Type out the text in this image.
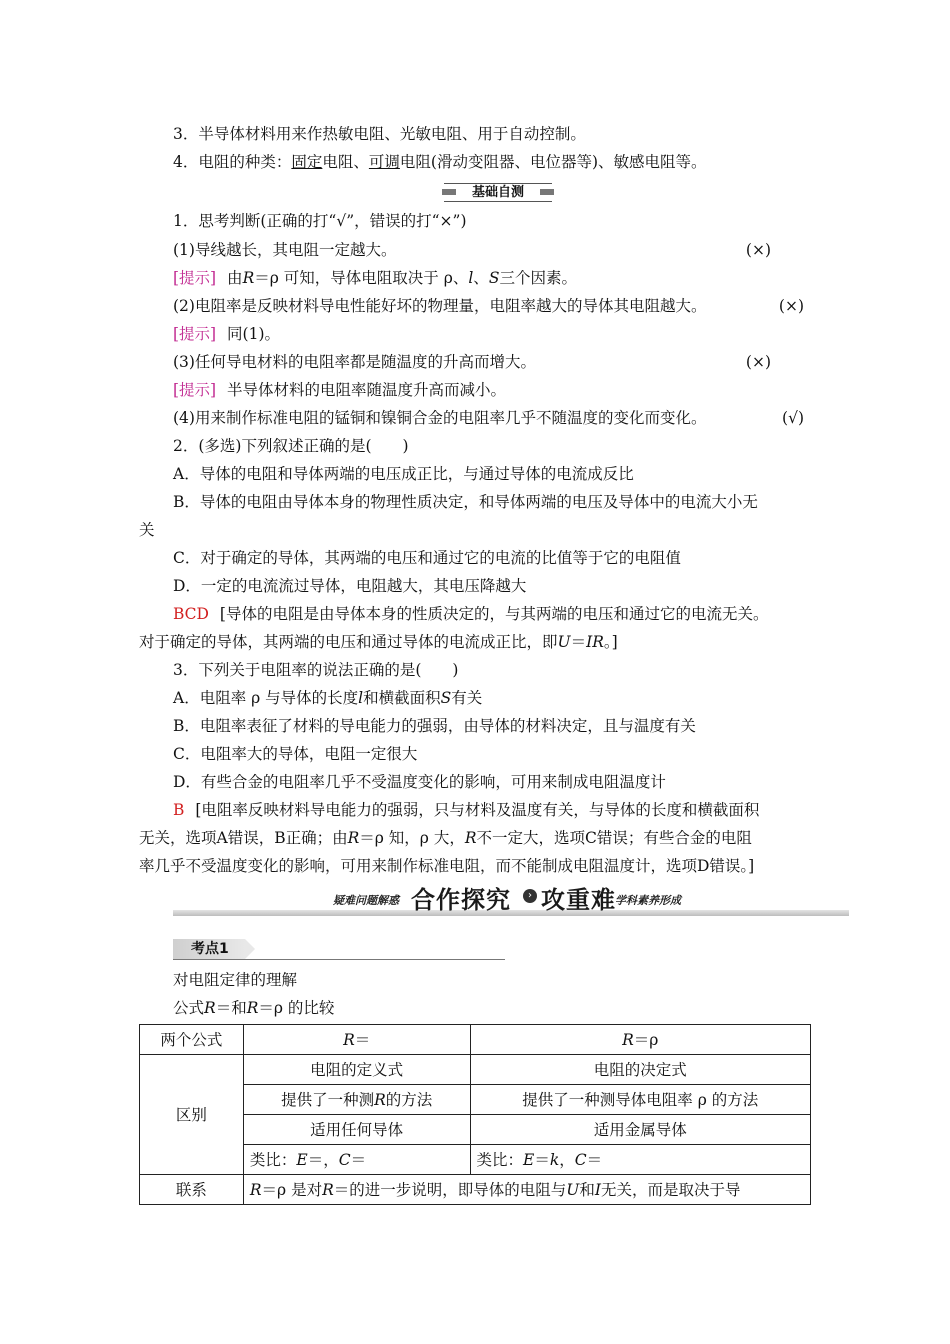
3．半导体材料用来作热敏电阻、光敏电阻、用于自动控制。
4．电阻的种类：固定电阻、可调电阻(滑动变阻器、电位器等)、敏感电阻等。
基础自测
1．思考判断(正确的打“√”，错误的打“×”)
(1)导线越长，其电阻一定越大。	(×)
[提示] 由R＝ρ 可知，导体电阻取决于 ρ、l、S三个因素。
(2)电阻率是反映材料导电性能好坏的物理量，电阻率越大的导体其电阻越大。	(×)
[提示] 同(1)。
(3)任何导电材料的电阻率都是随温度的升高而增大。	(×)
[提示] 半导体材料的电阻率随温度升高而减小。
(4)用来制作标准电阻的锰铜和镍铜合金的电阻率几乎不随温度的变化而变化。	(√)
2．(多选)下列叙述正确的是(　　)
A．导体的电阻和导体两端的电压成正比，与通过导体的电流成反比
B．导体的电阻由导体本身的物理性质决定，和导体两端的电压及导体中的电流大小无
关
C．对于确定的导体，其两端的电压和通过它的电流的比值等于它的电阻值
D．一定的电流流过导体，电阻越大，其电压降越大
BCD [导体的电阻是由导体本身的性质决定的，与其两端的电压和通过它的电流无关。
对于确定的导体，其两端的电压和通过导体的电流成正比，即U＝IR。]
3．下列关于电阻率的说法正确的是(　　)
A．电阻率 ρ 与导体的长度l和横截面积S有关
B．电阻率表征了材料的导电能力的强弱，由导体的材料决定，且与温度有关
C．电阻率大的导体，电阻一定很大
D．有些合金的电阻率几乎不受温度变化的影响，可用来制成电阻温度计
B [电阻率反映材料导电能力的强弱，只与材料及温度有关，与导体的长度和横截面积
无关，选项A错误，B正确；由R＝ρ 知，ρ 大，R不一定大，选项C错误；有些合金的电阻
率几乎不受温度变化的影响，可用来制作标准电阻，而不能制成电阻温度计，选项D错误。]
疑难问题解惑 合作探究	› 攻重难 学科素养形成
考点1
对电阻定律的理解
公式R＝和R＝ρ 的比较
两个公式	R＝	R＝ρ
区别	电阻的定义式	电阻的决定式
	提供了一种测R的方法	提供了一种测导体电阻率 ρ 的方法
	适用任何导体	适用金属导体
	类比：E＝，C＝	类比：E＝k，C＝
联系	R＝ρ 是对R＝的进一步说明，即导体的电阻与U和I无关，而是取决于导	
